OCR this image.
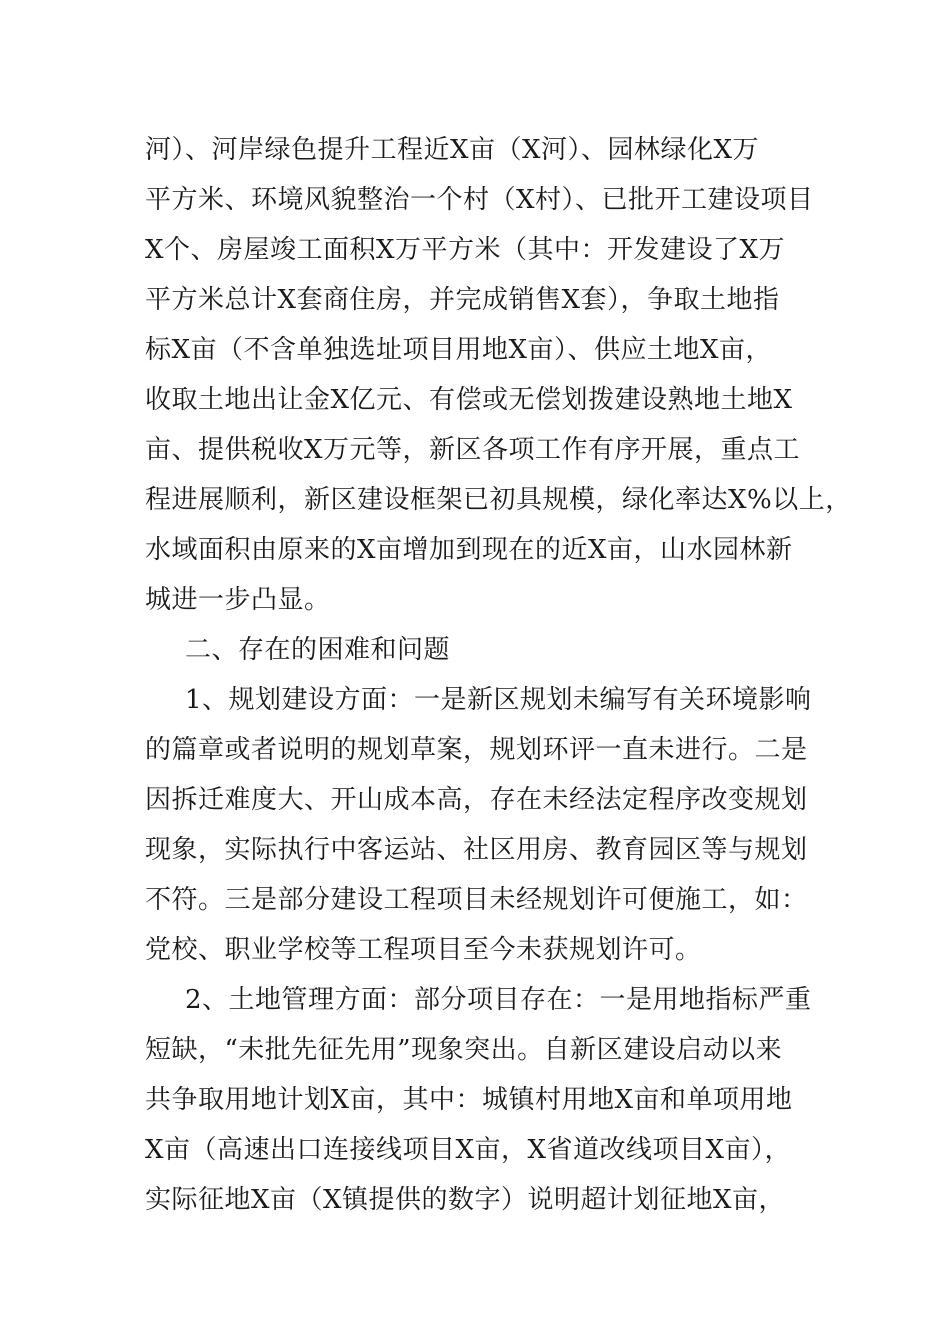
河）、河岸绿色提升工程近X亩（X河）、园林绿化X万
平方米、环境风貌整治一个村（X村）、已批开工建设项目
X个、房屋竣工面积X万平方米（其中：开发建设了X万
平方米总计X套商住房，并完成销售X套），争取土地指
标X亩（不含单独选址项目用地X亩）、供应土地X亩，
收取土地出让金X亿元、有偿或无偿划拨建设熟地土地X
亩、提供税收X万元等，新区各项工作有序开展，重点工
程进展顺利，新区建设框架已初具规模，绿化率达X%以上，
水域面积由原来的X亩增加到现在的近X亩，山水园林新
城进一步凸显。
二、存在的困难和问题
1、规划建设方面：一是新区规划未编写有关环境影响
的篇章或者说明的规划草案，规划环评一直未进行。二是
因拆迁难度大、开山成本高，存在未经法定程序改变规划
现象，实际执行中客运站、社区用房、教育园区等与规划
不符。三是部分建设工程项目未经规划许可便施工，如：
党校、职业学校等工程项目至今未获规划许可。
2、土地管理方面：部分项目存在：一是用地指标严重
短缺，“未批先征先用”现象突出。自新区建设启动以来
共争取用地计划X亩，其中：城镇村用地X亩和单项用地
X亩（高速出口连接线项目X亩，X省道改线项目X亩），
实际征地X亩（X镇提供的数字）说明超计划征地X亩，
